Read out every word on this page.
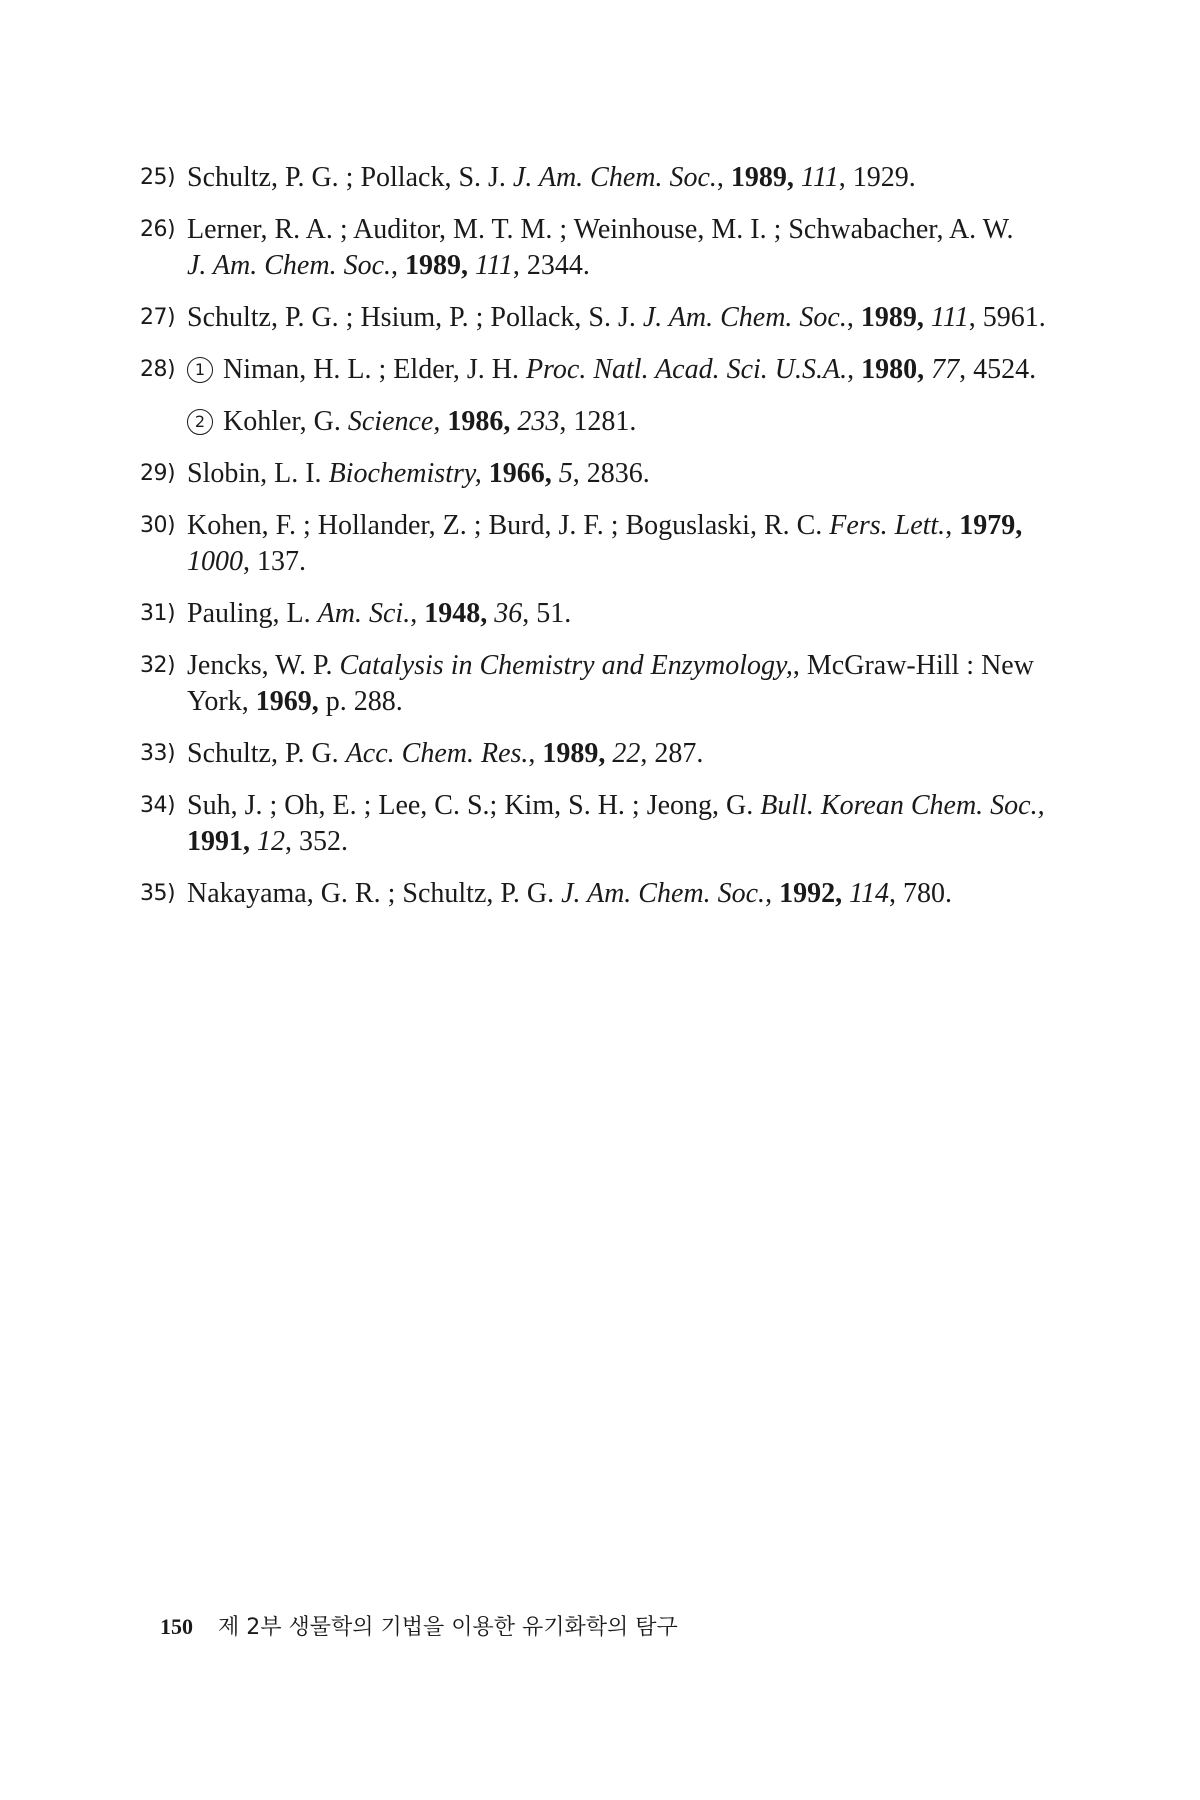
25) Schultz, P. G. ; Pollack, S. J. J. Am. Chem. Soc., 1989, 111, 1929.
26) Lerner, R. A. ; Auditor, M. T. M. ; Weinhouse, M. I. ; Schwabacher, A. W.
J. Am. Chem. Soc., 1989, 111, 2344.
27) Schultz, P. G. ; Hsium, P. ; Pollack, S. J. J. Am. Chem. Soc., 1989, 111, 5961.
28)	1 Niman, H. L. ; Elder, J. H. Proc. Natl. Acad. Sci. U.S.A., 1980, 77, 4524.
2 Kohler, G. Science, 1986, 233, 1281.
29) Slobin, L. I. Biochemistry, 1966, 5, 2836.
30) Kohen, F. ; Hollander, Z. ; Burd, J. F. ; Boguslaski, R. C. Fers. Lett., 1979,
1000, 137.
31) Pauling, L. Am. Sci., 1948, 36, 51.
32) Jencks, W. P. Catalysis in Chemistry and Enzymology,, McGraw-Hill : New
York, 1969, p. 288.
33) Schultz, P. G. Acc. Chem. Res., 1989, 22, 287.
34) Suh, J. ; Oh, E. ; Lee, C. S.; Kim, S. H. ; Jeong, G. Bull. Korean Chem. Soc.,
1991, 12, 352.
35) Nakayama, G. R. ; Schultz, P. G. J. Am. Chem. Soc., 1992, 114, 780.
150 제 2부 생물학의 기법을 이용한 유기화학의 탐구
